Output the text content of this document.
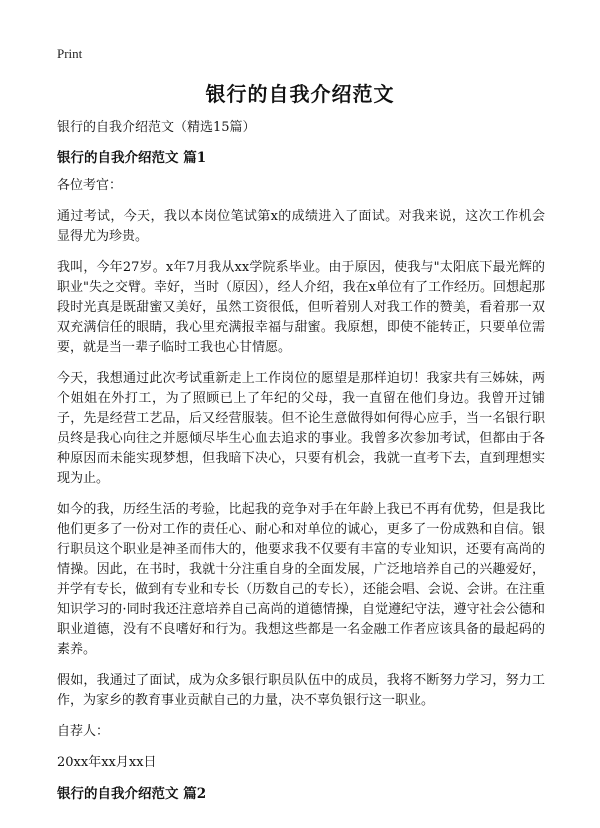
Print
银行的自我介绍范文

银行的自我介绍范文（精选15篇）

银行的自我介绍范文 篇1

各位考官：

通过考试，今天，我以本岗位笔试第x的成绩进入了面试。对我来说，这次工作机会显得尤为珍贵。

我叫，今年27岁。x年7月我从xx学院系毕业。由于原因，使我与"太阳底下最光辉的职业"失之交臂。幸好，当时（原因），经人介绍，我在x单位有了工作经历。回想起那段时光真是既甜蜜又美好，虽然工资很低，但听着别人对我工作的赞美，看着那一双双充满信任的眼睛，我心里充满报幸福与甜蜜。我原想，即使不能转正，只要单位需要，就是当一辈子临时工我也心甘情愿。

今天，我想通过此次考试重新走上工作岗位的愿望是那样迫切！我家共有三姊妹，两个姐姐在外打工，为了照顾已上了年纪的父母，我一直留在他们身边。我曾开过铺子，先是经营工艺品，后又经营服装。但不论生意做得如何得心应手，当一名银行职员终是我心向往之并愿倾尽毕生心血去追求的事业。我曾多次参加考试，但都由于各种原因而未能实现梦想，但我暗下决心，只要有机会，我就一直考下去，直到理想实现为止。

如今的我，历经生活的考验，比起我的竞争对手在年龄上我已不再有优势，但是我比他们更多了一份对工作的责任心、耐心和对单位的诚心，更多了一份成熟和自信。银行职员这个职业是神圣而伟大的，他要求我不仅要有丰富的专业知识，还要有高尚的情操。因此，在书时，我就十分注重自身的全面发展，广泛地培养自己的兴趣爱好，并学有专长，做到有专业和专长（历数自己的专长），还能会唱、会说、会讲。在注重知识学习的·同时我还注意培养自己高尚的道德情操，自觉遵纪守法，遵守社会公德和职业道德，没有不良嗜好和行为。我想这些都是一名金融工作者应该具备的最起码的素养。

假如，我通过了面试，成为众多银行职员队伍中的成员，我将不断努力学习，努力工作，为家乡的教育事业贡献自己的力量，决不辜负银行这一职业。

自荐人：

20xx年xx月xx日

银行的自我介绍范文 篇2
